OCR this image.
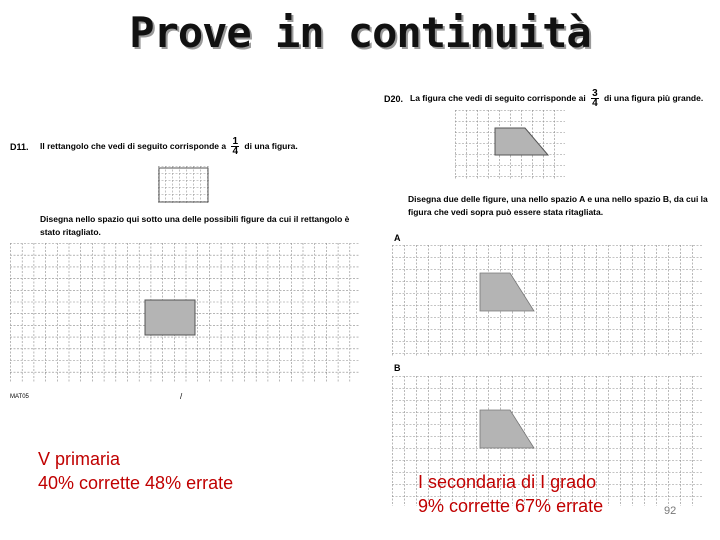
Prove in continuità
D11. Il rettangolo che vedi di seguito corrisponde a $\frac{1}{4}$ di una figura.
Disegna nello spazio qui sotto una delle possibili figure da cui il rettangolo è
stato ritagliato.
MAT05	/
D20. La figura che vedi di seguito corrisponde ai $\frac{3}{4}$ di una figura più grande.
Disegna due delle figure, una nello spazio A e una nello spazio B, da cui la
figura che vedi sopra può essere stata ritagliata.
A
B
V primaria
40% corrette 48% errate	I secondaria di I grado
9% corrette 67% errate	92
